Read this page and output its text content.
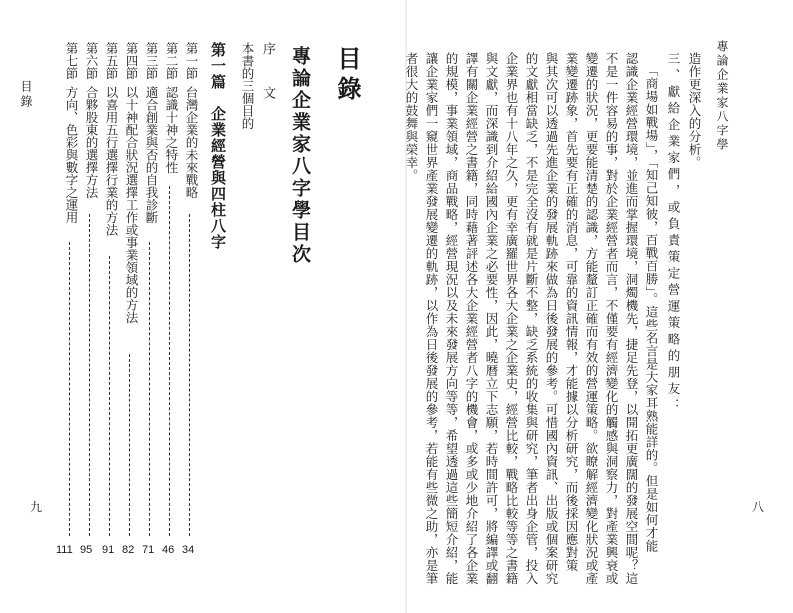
專論企業家八字學
八
造作更深入的分析。
三、獻給企業家們，或負責策定營運策略的朋友：
「商場如戰場」，「知己知彼，百戰百勝」。這些名言是大家耳熟能詳的。但是如何才能
認識企業經營環境，並進而掌握環境，洞燭機先，捷足先登，以開拓更廣闊的發展空間呢？這
不是一件容易的事，對於企業經營者而言，不僅要有經濟變化的觸感與洞察力，對產業興衰或
變遷的狀況，更要能清楚的認識，方能釐訂正確而有效的營運策略。欲瞭解經濟變化狀況或產
業變遷跡象，首先要有正確的消息，可靠的資訊情報，才能據以分析研究，而後採因應對策
與其次可以透過先進企業的發展軌跡來做為日後發展的參考。可惜國內資訊、出版或個案研究
的文獻相當缺乏，不是完全沒有就是片斷不整，缺乏系統的收集與研究，筆者出身企管，投入
企業界也有十八年之久，更有幸廣羅世界各大企業之企業史，經營比較，戰略比較等等之書籍
與文獻，而深識到介紹給國內企業之必要性，因此，曉暦立下志願，若時間許可，將編譯或翻
譯有關企業經營之書籍，同時藉著評述各大企業經營者八字的機會，或多或少地介紹了各企業
的規模，事業領域，商品戰略，經營現況以及未來發展方向等等，希望透過這些簡短介紹，能
讓企業家們一窺世界產業發展變遷的軌跡，以作為日後發展的參考，若能有些微之助，亦是筆
者很大的鼓舞與榮幸。
目錄
專論企業家八字學目次
序
文
本書的三個目的
第一篇　企業經營與四柱八字
第一節
台灣企業的未來戰略
34
第二節
認識十神之特性
46
第三節
適合創業與否的自我診斷
71
第四節
以十神配合狀況選擇工作或事業領域的方法
82
第五節
以喜用五行選擇行業的方法
91
第六節
合夥股東的選擇方法
95
第七節
方向、色彩與數字之運用
111
目錄
九
